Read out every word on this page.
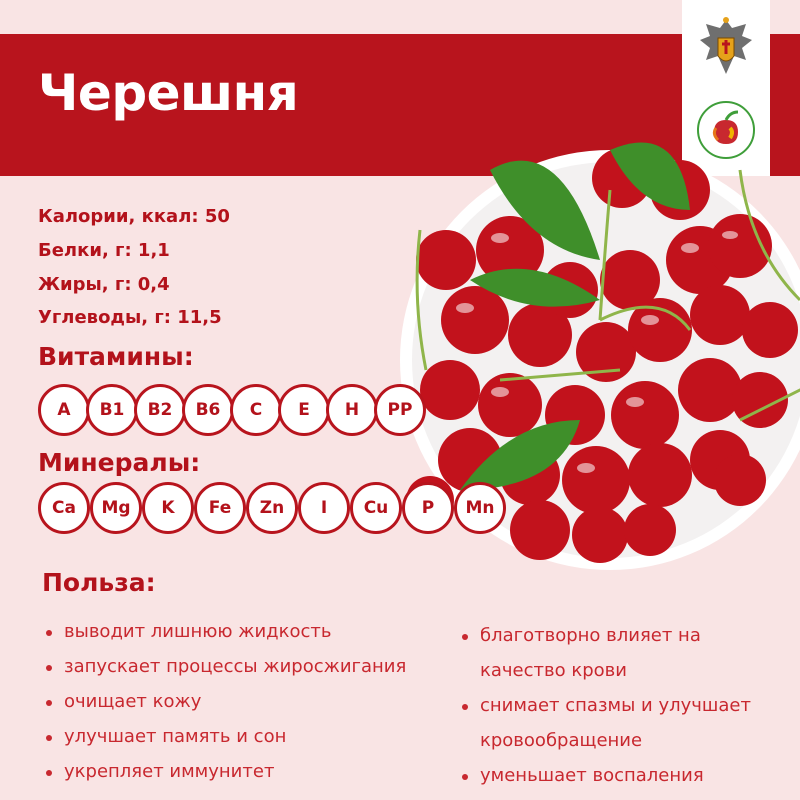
Черешня
Калории, ккал: 50
Белки, г: 1,1
Жиры, г: 0,4
Углеводы, г: 11,5
Витамины:
A	B1	B2	B6	C	E	H	PP
Минералы:
Ca	Mg	K	Fe	Zn	I	Cu	P	Mn
Польза:
выводит лишнюю жидкость
запускает процессы жиросжигания
очищает кожу
улучшает память и сон
укрепляет иммунитет
благотворно влияет на
качество крови
снимает спазмы и улучшает
кровообращение
уменьшает воспаления
